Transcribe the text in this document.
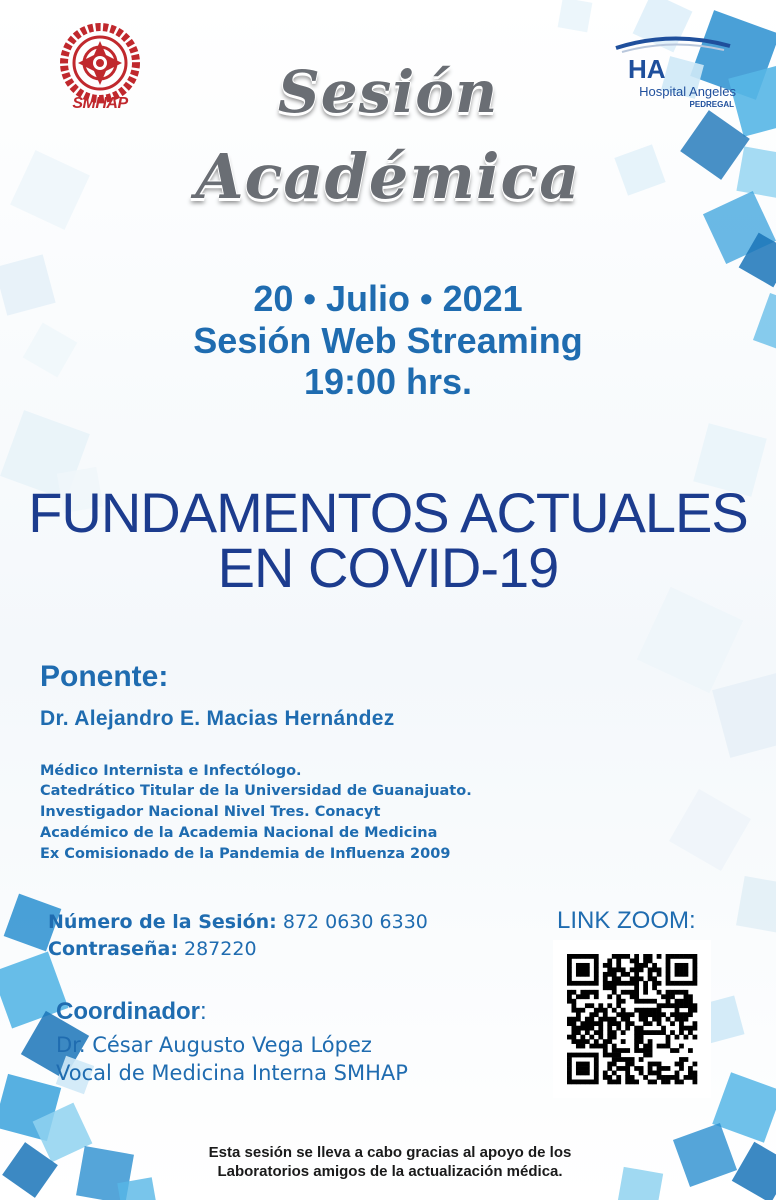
SMHAP
HA
Hospital Angeles
PEDREGAL
Sesión
Académica
20 • Julio • 2021
Sesión Web Streaming
19:00 hrs.
FUNDAMENTOS ACTUALES
EN COVID-19
Ponente:
Dr. Alejandro E. Macias Hernández
Médico Internista e Infectólogo.
Catedrático Titular de la Universidad de Guanajuato.
Investigador Nacional Nivel Tres. Conacyt
Académico de la Academia Nacional de Medicina
Ex Comisionado de la Pandemia de Influenza 2009
Número de la Sesión: 872 0630 6330
Contraseña: 287220
LINK ZOOM:
Coordinador:
Dr. César Augusto Vega López
Vocal de Medicina Interna SMHAP
Esta sesión se lleva a cabo gracias al apoyo de los
Laboratorios amigos de la actualización médica.
